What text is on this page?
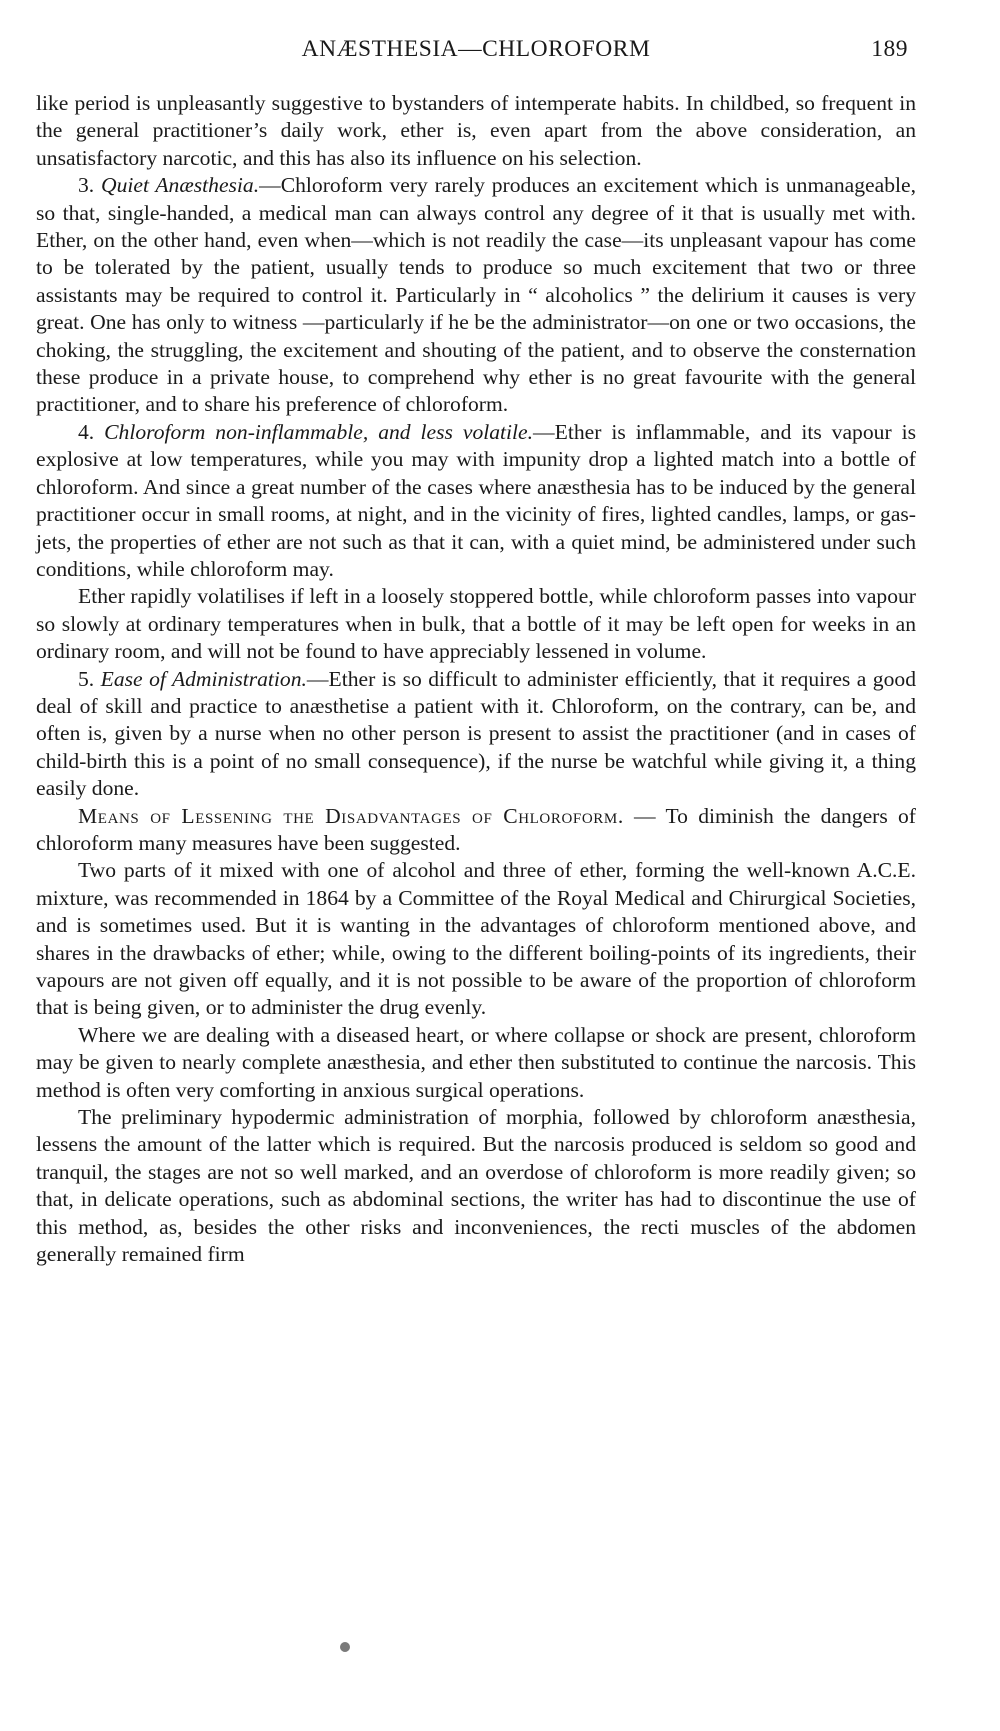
ANÆSTHESIA—CHLOROFORM	189

like period is unpleasantly suggestive to bystanders of intemperate habits. In childbed, so frequent in the general practitioner’s daily work, ether is, even apart from the above consideration, an unsatisfactory narcotic, and this has also its influence on his selection.

3. Quiet Anæsthesia.—Chloroform very rarely produces an excitement which is unmanageable, so that, single-handed, a medical man can always control any degree of it that is usually met with. Ether, on the other hand, even when—which is not readily the case—its unpleasant vapour has come to be tolerated by the patient, usually tends to produce so much excitement that two or three assistants may be required to control it. Particularly in “ alcoholics ” the delirium it causes is very great. One has only to witness —particularly if he be the administrator—on one or two occasions, the choking, the struggling, the excitement and shouting of the patient, and to observe the consternation these produce in a private house, to comprehend why ether is no great favourite with the general practitioner, and to share his preference of chloroform.

4. Chloroform non-inflammable, and less volatile.—Ether is inflammable, and its vapour is explosive at low temperatures, while you may with impunity drop a lighted match into a bottle of chloroform. And since a great number of the cases where anæsthesia has to be induced by the general practitioner occur in small rooms, at night, and in the vicinity of fires, lighted candles, lamps, or gas-jets, the properties of ether are not such as that it can, with a quiet mind, be administered under such conditions, while chloroform may.

Ether rapidly volatilises if left in a loosely stoppered bottle, while chloroform passes into vapour so slowly at ordinary temperatures when in bulk, that a bottle of it may be left open for weeks in an ordinary room, and will not be found to have appreciably lessened in volume.

5. Ease of Administration.—Ether is so difficult to administer efficiently, that it requires a good deal of skill and practice to anæsthetise a patient with it. Chloroform, on the contrary, can be, and often is, given by a nurse when no other person is present to assist the practitioner (and in cases of child-birth this is a point of no small consequence), if the nurse be watchful while giving it, a thing easily done.

Means of Lessening the Disadvantages of Chloroform. — To diminish the dangers of chloroform many measures have been suggested.

Two parts of it mixed with one of alcohol and three of ether, forming the well-known A.C.E. mixture, was recommended in 1864 by a Committee of the Royal Medical and Chirurgical Societies, and is sometimes used. But it is wanting in the advantages of chloroform mentioned above, and shares in the drawbacks of ether; while, owing to the different boiling-points of its ingredients, their vapours are not given off equally, and it is not possible to be aware of the proportion of chloroform that is being given, or to administer the drug evenly.

Where we are dealing with a diseased heart, or where collapse or shock are present, chloroform may be given to nearly complete anæsthesia, and ether then substituted to continue the narcosis. This method is often very comforting in anxious surgical operations.

The preliminary hypodermic administration of morphia, followed by chloroform anæsthesia, lessens the amount of the latter which is required. But the narcosis produced is seldom so good and tranquil, the stages are not so well marked, and an overdose of chloroform is more readily given; so that, in delicate operations, such as abdominal sections, the writer has had to discontinue the use of this method, as, besides the other risks and inconveniences, the recti muscles of the abdomen generally remained firm
